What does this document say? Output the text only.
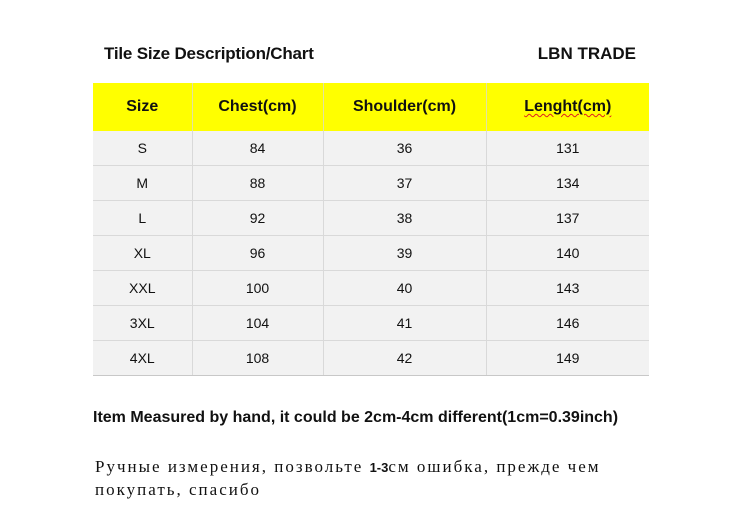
Tile Size Description/Chart	LBN TRADE
Size	Chest(cm)	Shoulder(cm)	Lenght(cm)
S	84	36	131
M	88	37	134
L	92	38	137
XL	96	39	140
XXL	100	40	143
3XL	104	41	146
4XL	108	42	149
Item Measured by hand, it could be 2cm-4cm different(1cm=0.39inch)
Ручные измерения, позвольте 1-3см ошибка, прежде чем покупать, спасибо
